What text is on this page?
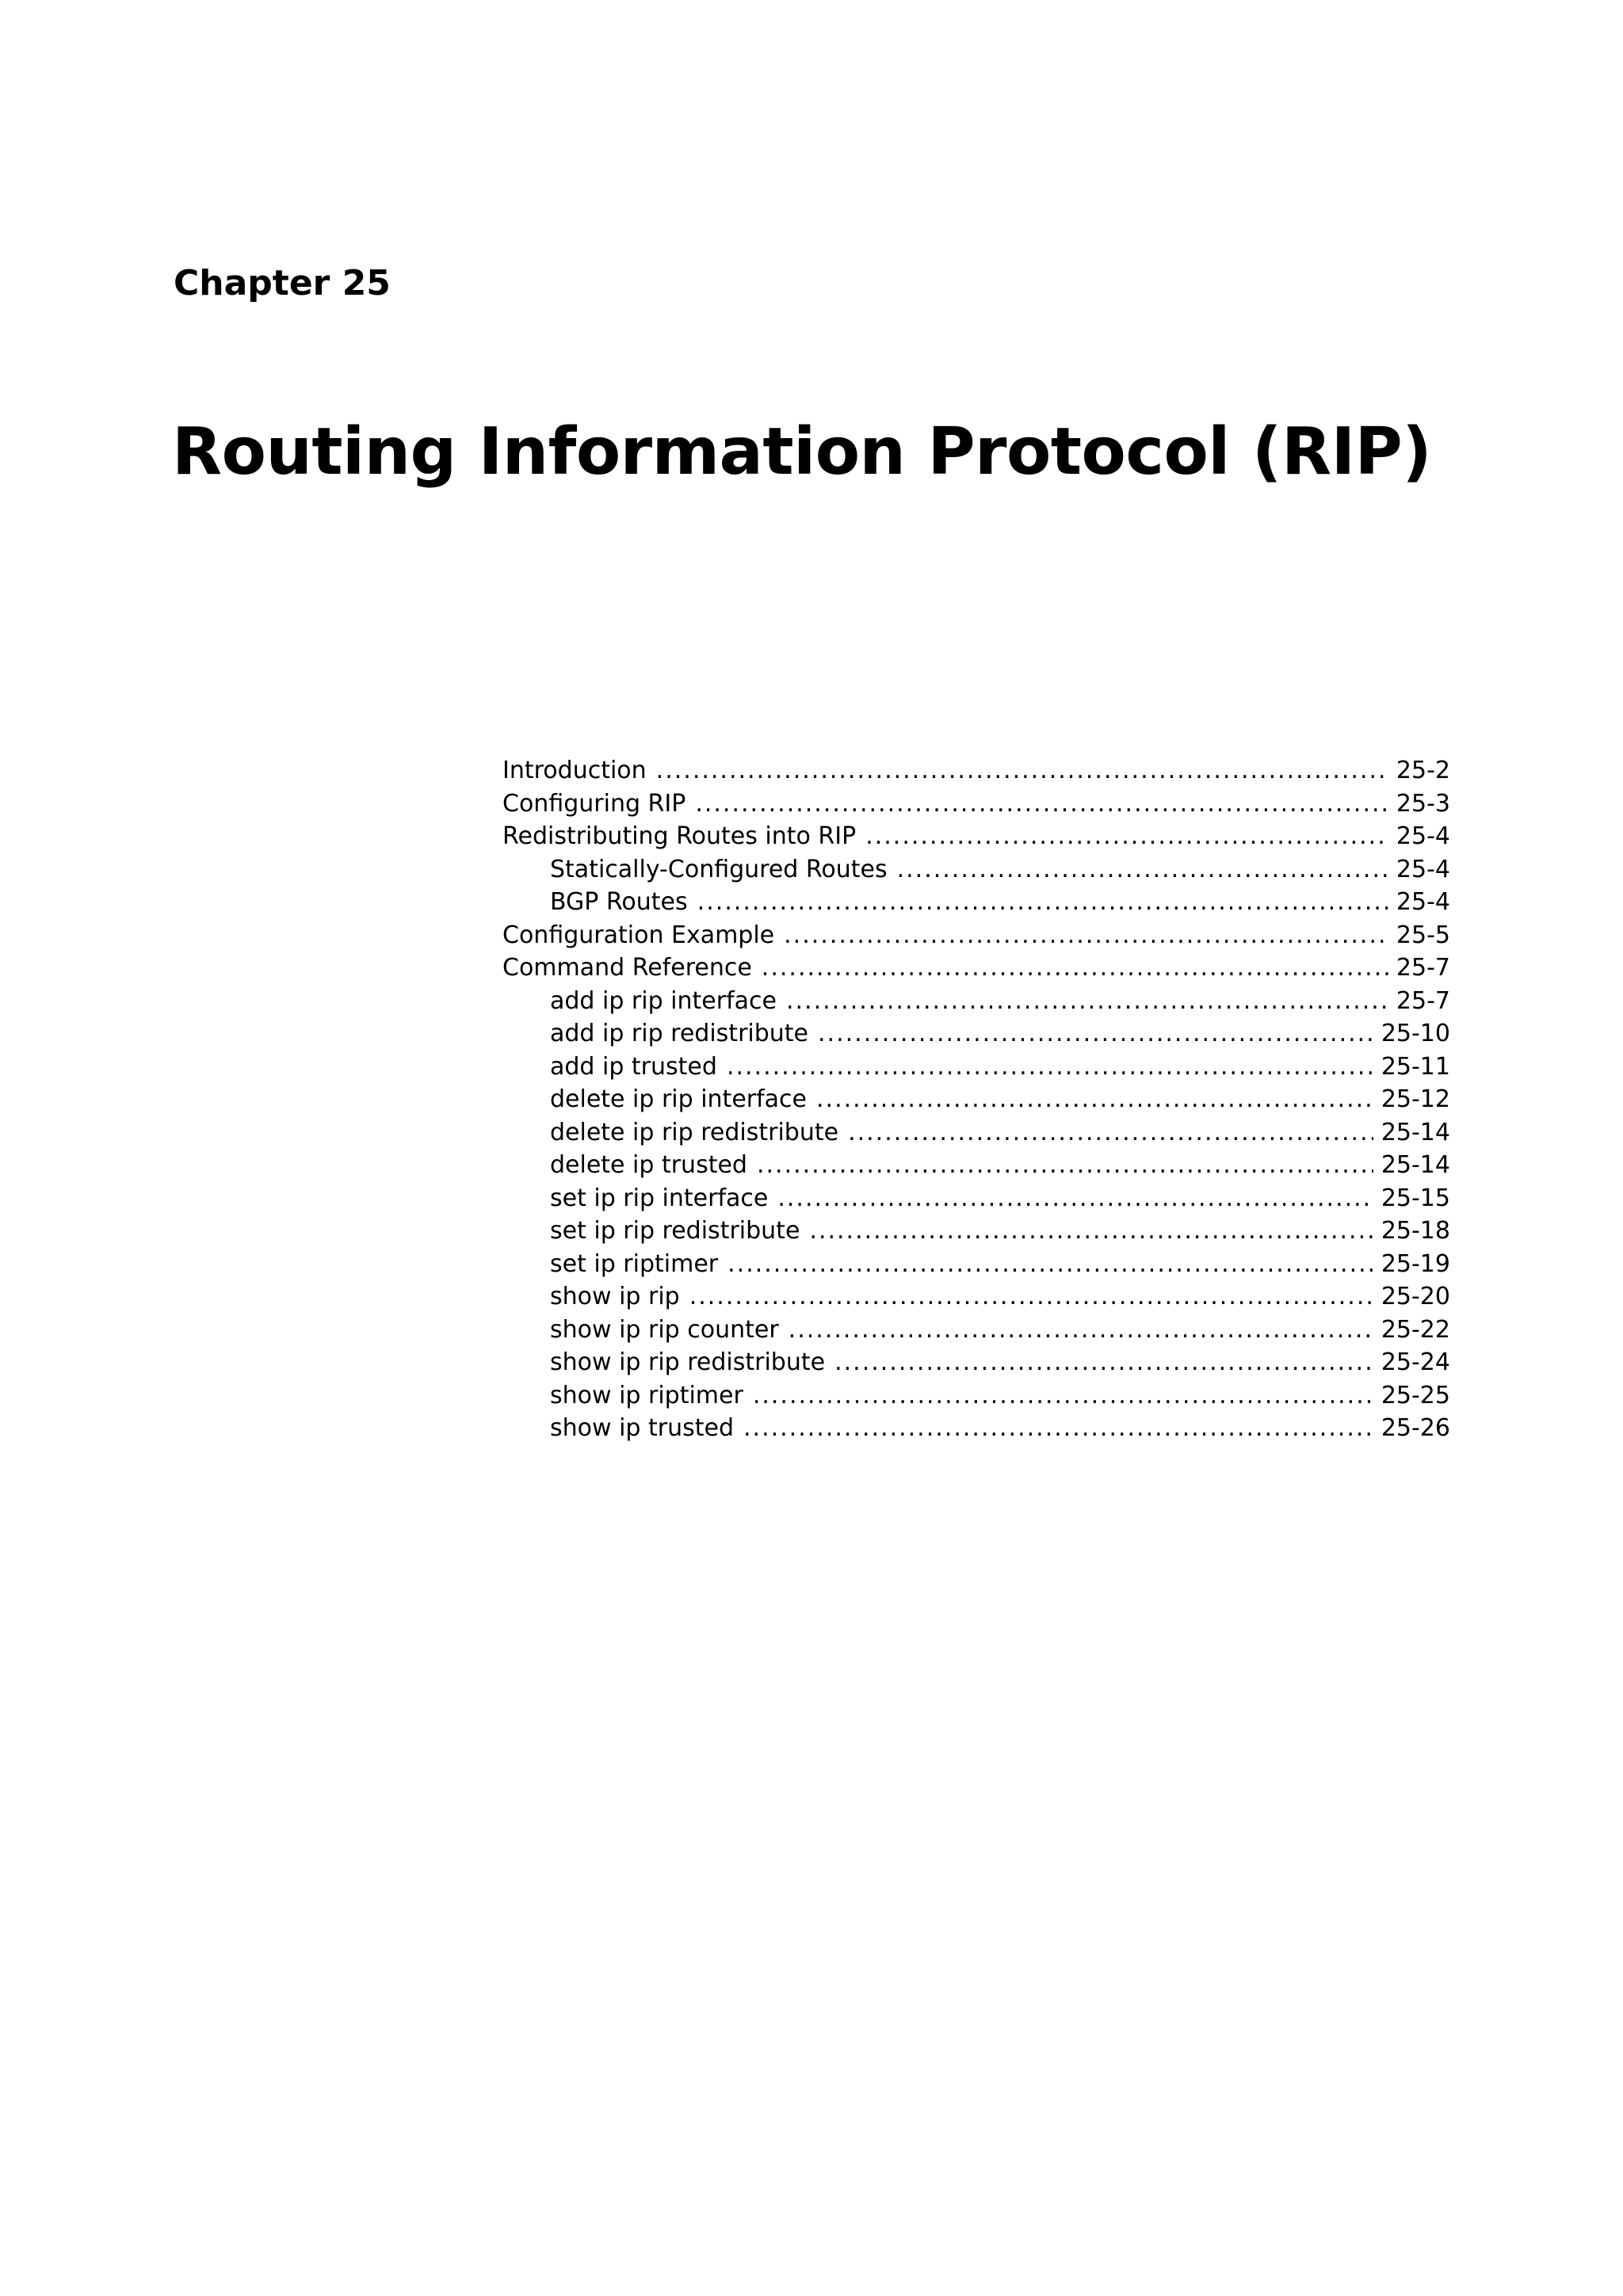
Chapter 25
Routing Information Protocol (RIP)
Introduction .....	25-2
Configuring RIP .....	25-3
Redistributing Routes into RIP .....	25-4
Statically-Configured Routes .....	25-4
BGP Routes .....	25-4
Configuration Example .....	25-5
Command Reference .....	25-7
add ip rip interface .....	25-7
add ip rip redistribute .....	25-10
add ip trusted .....	25-11
delete ip rip interface .....	25-12
delete ip rip redistribute .....	25-14
delete ip trusted .....	25-14
set ip rip interface .....	25-15
set ip rip redistribute .....	25-18
set ip riptimer .....	25-19
show ip rip .....	25-20
show ip rip counter .....	25-22
show ip rip redistribute .....	25-24
show ip riptimer .....	25-25
show ip trusted .....	25-26
